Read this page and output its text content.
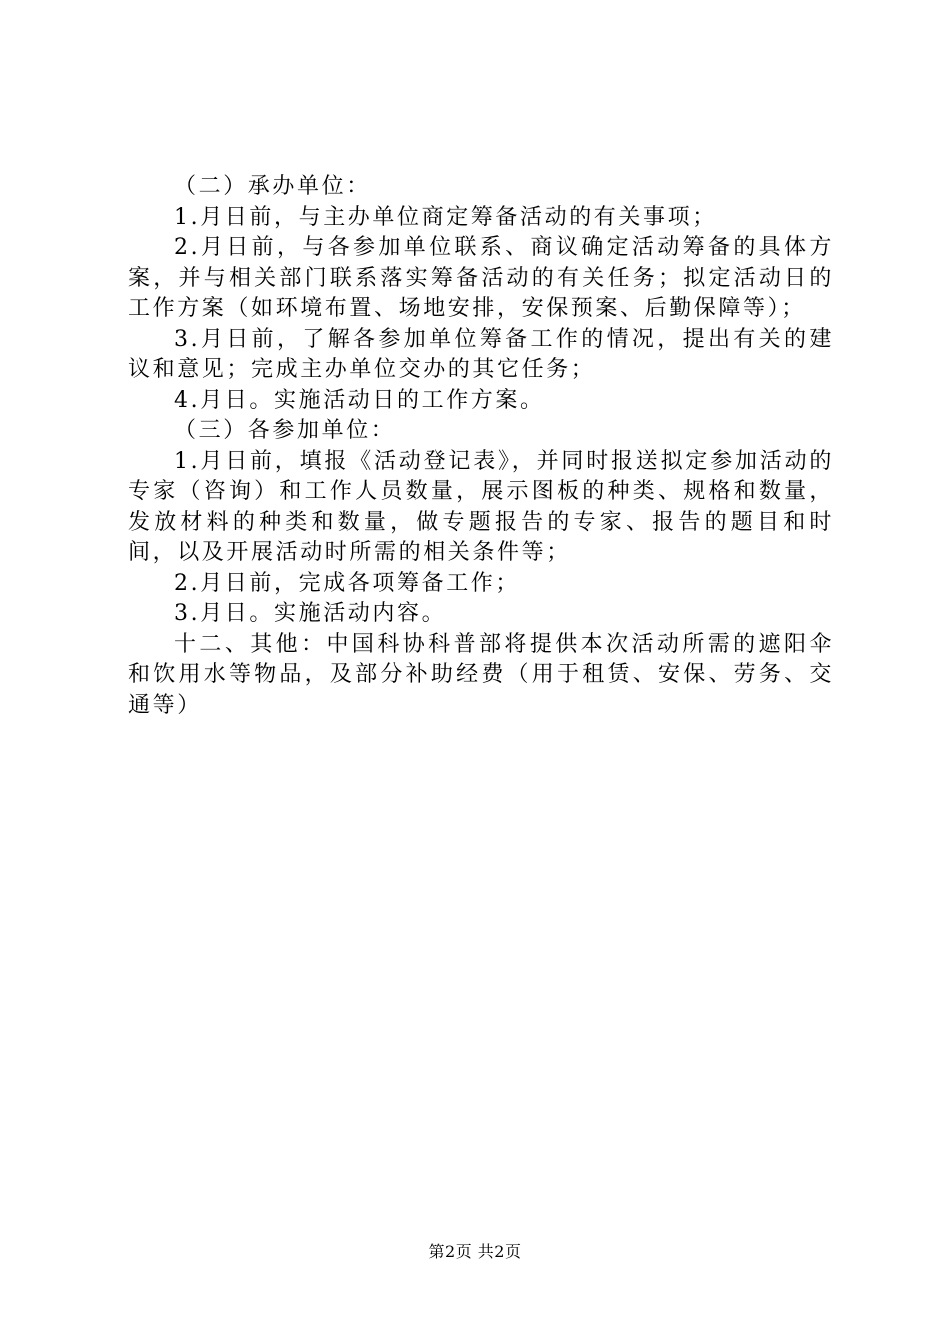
（二）承办单位：

1.月日前，与主办单位商定筹备活动的有关事项；

2.月日前，与各参加单位联系、商议确定活动筹备的具体方案，并与相关部门联系落实筹备活动的有关任务；拟定活动日的工作方案（如环境布置、场地安排，安保预案、后勤保障等）；

3.月日前，了解各参加单位筹备工作的情况，提出有关的建议和意见；完成主办单位交办的其它任务；

4.月日。实施活动日的工作方案。

（三）各参加单位：

1.月日前，填报《活动登记表》，并同时报送拟定参加活动的专家（咨询）和工作人员数量，展示图板的种类、规格和数量，发放材料的种类和数量，做专题报告的专家、报告的题目和时间，以及开展活动时所需的相关条件等；

2.月日前，完成各项筹备工作；

3.月日。实施活动内容。

十二、其他：中国科协科普部将提供本次活动所需的遮阳伞和饮用水等物品，及部分补助经费（用于租赁、安保、劳务、交通等）

第2页 共2页
